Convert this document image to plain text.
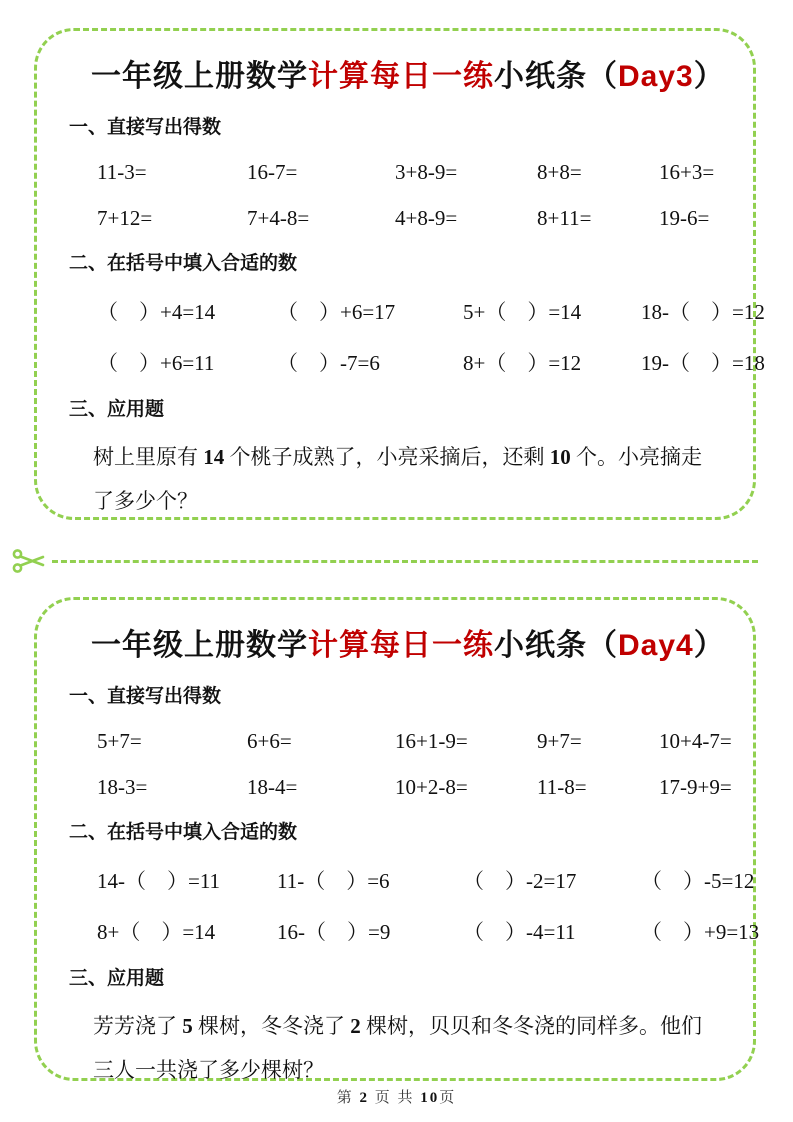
一年级上册数学计算每日一练小纸条（Day3）
一、直接写出得数
11-3=	16-7=	3+8-9=	8+8=	16+3=
7+12=	7+4-8=	4+8-9=	8+11=	19-6=
二、在括号中填入合适的数
（　）+4=14	（　）+6=17	5+（　）=14	18-（　）=12
（　）+6=11	（　）-7=6	8+（　）=12	19-（　）=18
三、应用题

树上里原有 14 个桃子成熟了，小亮采摘后，还剩 10 个。小亮摘走了多少个？

一年级上册数学计算每日一练小纸条（Day4）
一、直接写出得数
5+7=	6+6=	16+1-9=	9+7=	10+4-7=
18-3=	18-4=	10+2-8=	11-8=	17-9+9=
二、在括号中填入合适的数
14-（　）=11	11-（　）=6	（　）-2=17	（　）-5=12
8+（　）=14	16-（　）=9	（　）-4=11	（　）+9=13
三、应用题

芳芳浇了 5 棵树，冬冬浇了 2 棵树，贝贝和冬冬浇的同样多。他们三人一共浇了多少棵树？

第 2 页 共 10页
